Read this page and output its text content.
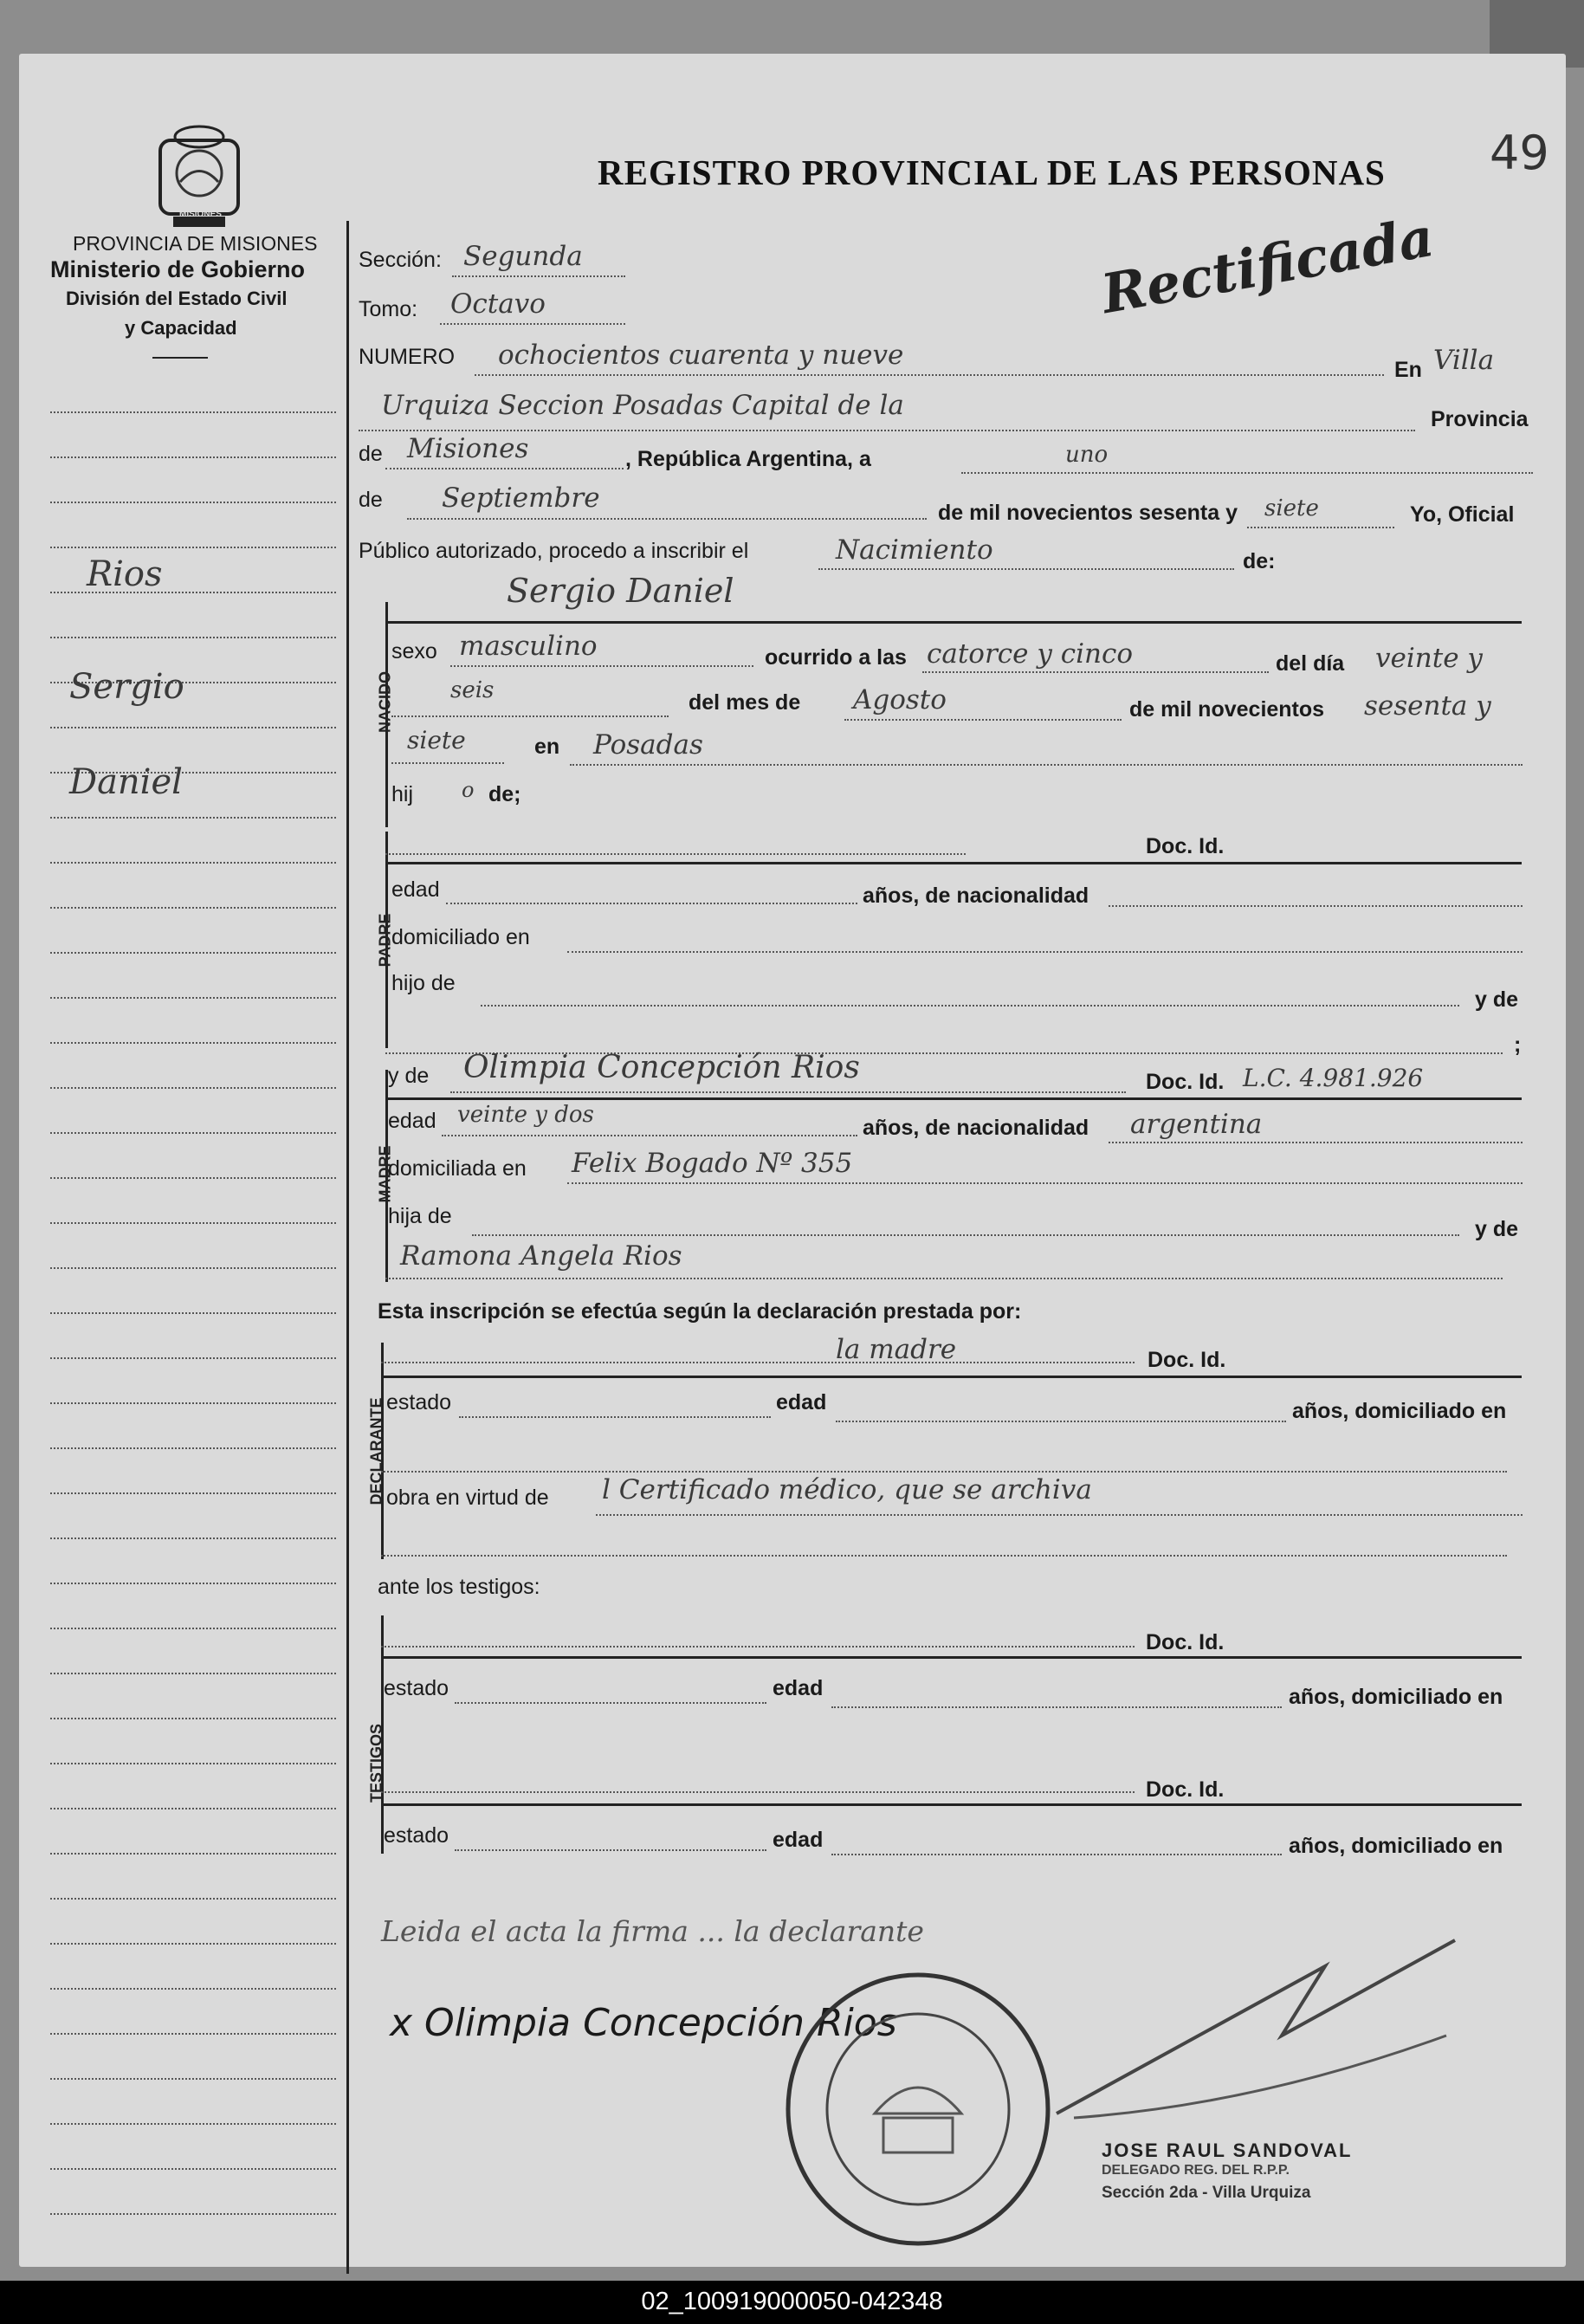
MISIONES
PROVINCIA DE MISIONES
Ministerio de Gobierno
División del Estado Civil
y Capacidad
REGISTRO PROVINCIAL DE LAS PERSONAS 49
Rectificada
Rios
Sergio
Daniel
Sección: Segunda
Tomo: Octavo
NUMERO ochocientos cuarenta y nueve	En Villa
Urquiza Seccion Posadas Capital de la	Provincia
de Misiones	, República Argentina, a	uno
de Septiembre	de mil novecientos sesenta y siete	Yo, Oficial
Público autorizado, procedo a inscribir el	Nacimiento	de:
NACIDO
Sergio Daniel
sexo masculino	ocurrido a las catorce y cinco	del día veinte y
seis	del mes de Agosto	de mil novecientos sesenta y
siete	en Posadas
hij o de;
PADRE
Doc. Id.
edad	años, de nacionalidad
domiciliado en
hijo de
y de
;
MADRE
y de Olimpia Concepción Rios	Doc. Id. L.C. 4.981.926
edad veinte y dos	años, de nacionalidad argentina
domiciliada en Felix Bogado Nº 355
hija de
y de
Ramona Angela Rios
Esta inscripción se efectúa según la declaración prestada por:
DECLARANTE
la madre	Doc. Id.
estado	edad	años, domiciliado en
obra en virtud de l Certificado médico, que se archiva
ante los testigos:
TESTIGOS
Doc. Id.
estado	edad	años, domiciliado en
Doc. Id.
estado	edad	años, domiciliado en
Leida el acta la firma ... la declarante
x Olimpia Concepción Rios
JOSE RAUL SANDOVAL
DELEGADO REG. DEL R.P.P.
Sección 2da - Villa Urquiza
02_100919000050-042348
